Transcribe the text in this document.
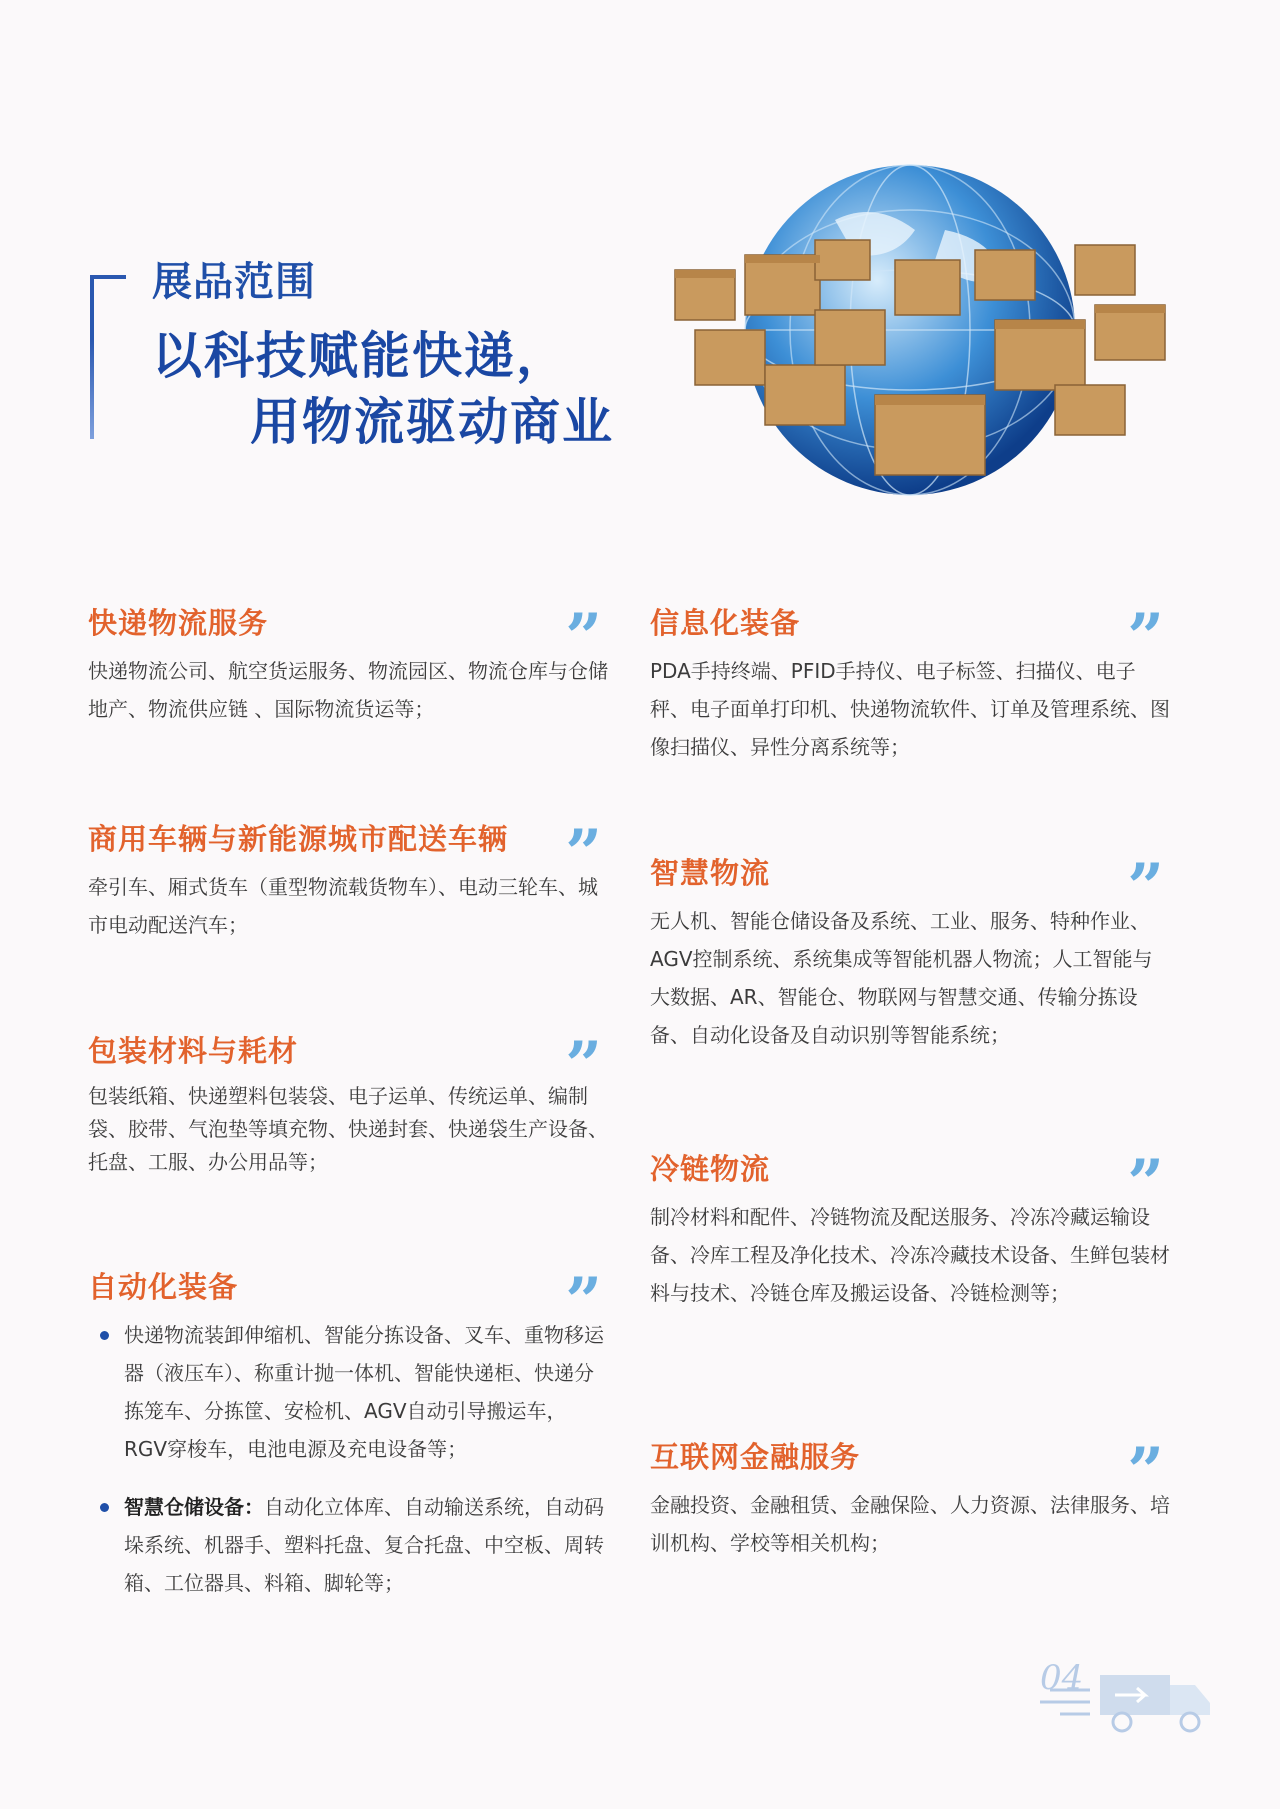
展品范围
以科技赋能快递，
用物流驱动商业
快递物流服务	”
快递物流公司、航空货运服务、物流园区、物流仓库与仓储地产、物流供应链 、国际物流货运等；
商用车辆与新能源城市配送车辆 ”
牵引车、厢式货车（重型物流载货物车）、电动三轮车、城市电动配送汽车；
包装材料与耗材	”
包装纸箱、快递塑料包装袋、电子运单、传统运单、编制袋、胶带、气泡垫等填充物、快递封套、快递袋生产设备、托盘、工服、办公用品等；
自动化装备	”
快递物流装卸伸缩机、智能分拣设备、叉车、重物移运器（液压车）、称重计抛一体机、智能快递柜、快递分拣笼车、分拣筐、安检机、AGV自动引导搬运车，RGV穿梭车，电池电源及充电设备等；
智慧仓储设备：自动化立体库、自动输送系统，自动码垛系统、机器手、塑料托盘、复合托盘、中空板、周转箱、工位器具、料箱、脚轮等；
信息化装备	”
PDA手持终端、PFID手持仪、电子标签、扫描仪、电子秤、电子面单打印机、快递物流软件、订单及管理系统、图像扫描仪、异性分离系统等；
智慧物流	”
无人机、智能仓储设备及系统、工业、服务、特种作业、AGV控制系统、系统集成等智能机器人物流；人工智能与大数据、AR、智能仓、物联网与智慧交通、传输分拣设备、自动化设备及自动识别等智能系统；
冷链物流	”
制冷材料和配件、冷链物流及配送服务、冷冻冷藏运输设备、冷库工程及净化技术、冷冻冷藏技术设备、生鲜包装材料与技术、冷链仓库及搬运设备、冷链检测等；
互联网金融服务	”
金融投资、金融租赁、金融保险、人力资源、法律服务、培训机构、学校等相关机构；
04
